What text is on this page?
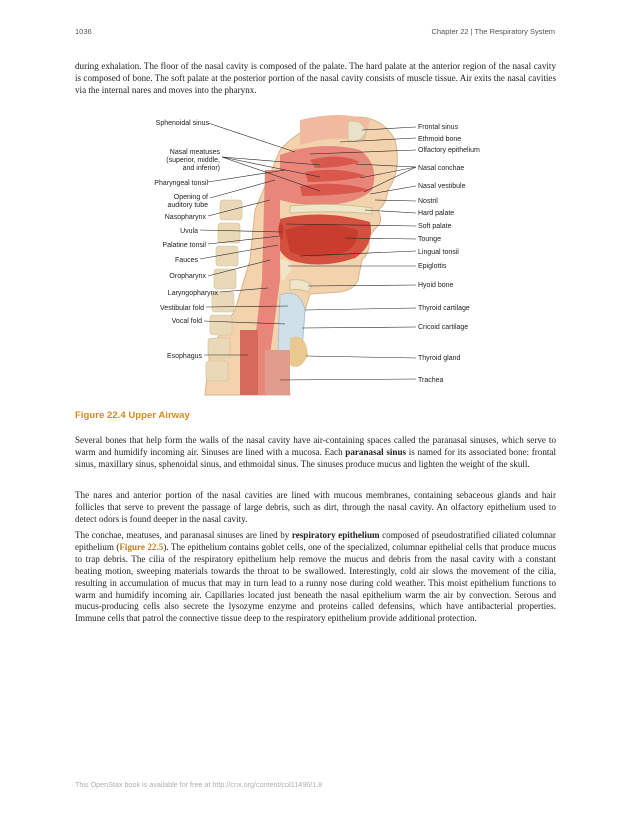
1036	Chapter 22 | The Respiratory System

during exhalation. The floor of the nasal cavity is composed of the palate. The hard palate at the anterior region of the nasal cavity is composed of bone. The soft palate at the posterior portion of the nasal cavity consists of muscle tissue. Air exits the nasal cavities via the internal nares and moves into the pharynx.

Sphenoidal sinus
Nasal meatuses
(superior, middle,
and inferior)
Pharyngeal tonsil
Opening of
auditory tube
Nasopharynx
Uvula
Palatine tonsil
Fauces
Oropharynx
Laryngopharynx
Vestibular fold
Vocal fold
Esophagus
Frontal sinus
Ethmoid bone
Olfactory epithelium
Nasal conchae
Nasal vestibule
Nostril
Hard palate
Soft palate
Tounge
Lingual tonsil
Epiglottis
Hyoid bone
Thyroid cartilage
Cricoid cartilage
Thyroid gland
Trachea
Figure 22.4 Upper Airway

Several bones that help form the walls of the nasal cavity have air-containing spaces called the paranasal sinuses, which serve to warm and humidify incoming air. Sinuses are lined with a mucosa. Each paranasal sinus is named for its associated bone: frontal sinus, maxillary sinus, sphenoidal sinus, and ethmoidal sinus. The sinuses produce mucus and lighten the weight of the skull.

The nares and anterior portion of the nasal cavities are lined with mucous membranes, containing sebaceous glands and hair follicles that serve to prevent the passage of large debris, such as dirt, through the nasal cavity. An olfactory epithelium used to detect odors is found deeper in the nasal cavity.

The conchae, meatuses, and paranasal sinuses are lined by respiratory epithelium composed of pseudostratified ciliated columnar epithelium (Figure 22.5). The epithelium contains goblet cells, one of the specialized, columnar epithelial cells that produce mucus to trap debris. The cilia of the respiratory epithelium help remove the mucus and debris from the nasal cavity with a constant beating motion, sweeping materials towards the throat to be swallowed. Interestingly, cold air slows the movement of the cilia, resulting in accumulation of mucus that may in turn lead to a runny nose during cold weather. This moist epithelium functions to warm and humidify incoming air. Capillaries located just beneath the nasal epithelium warm the air by convection. Serous and mucus-producing cells also secrete the lysozyme enzyme and proteins called defensins, which have antibacterial properties. Immune cells that patrol the connective tissue deep to the respiratory epithelium provide additional protection.

This OpenStax book is available for free at http://cnx.org/content/col11496/1.8
